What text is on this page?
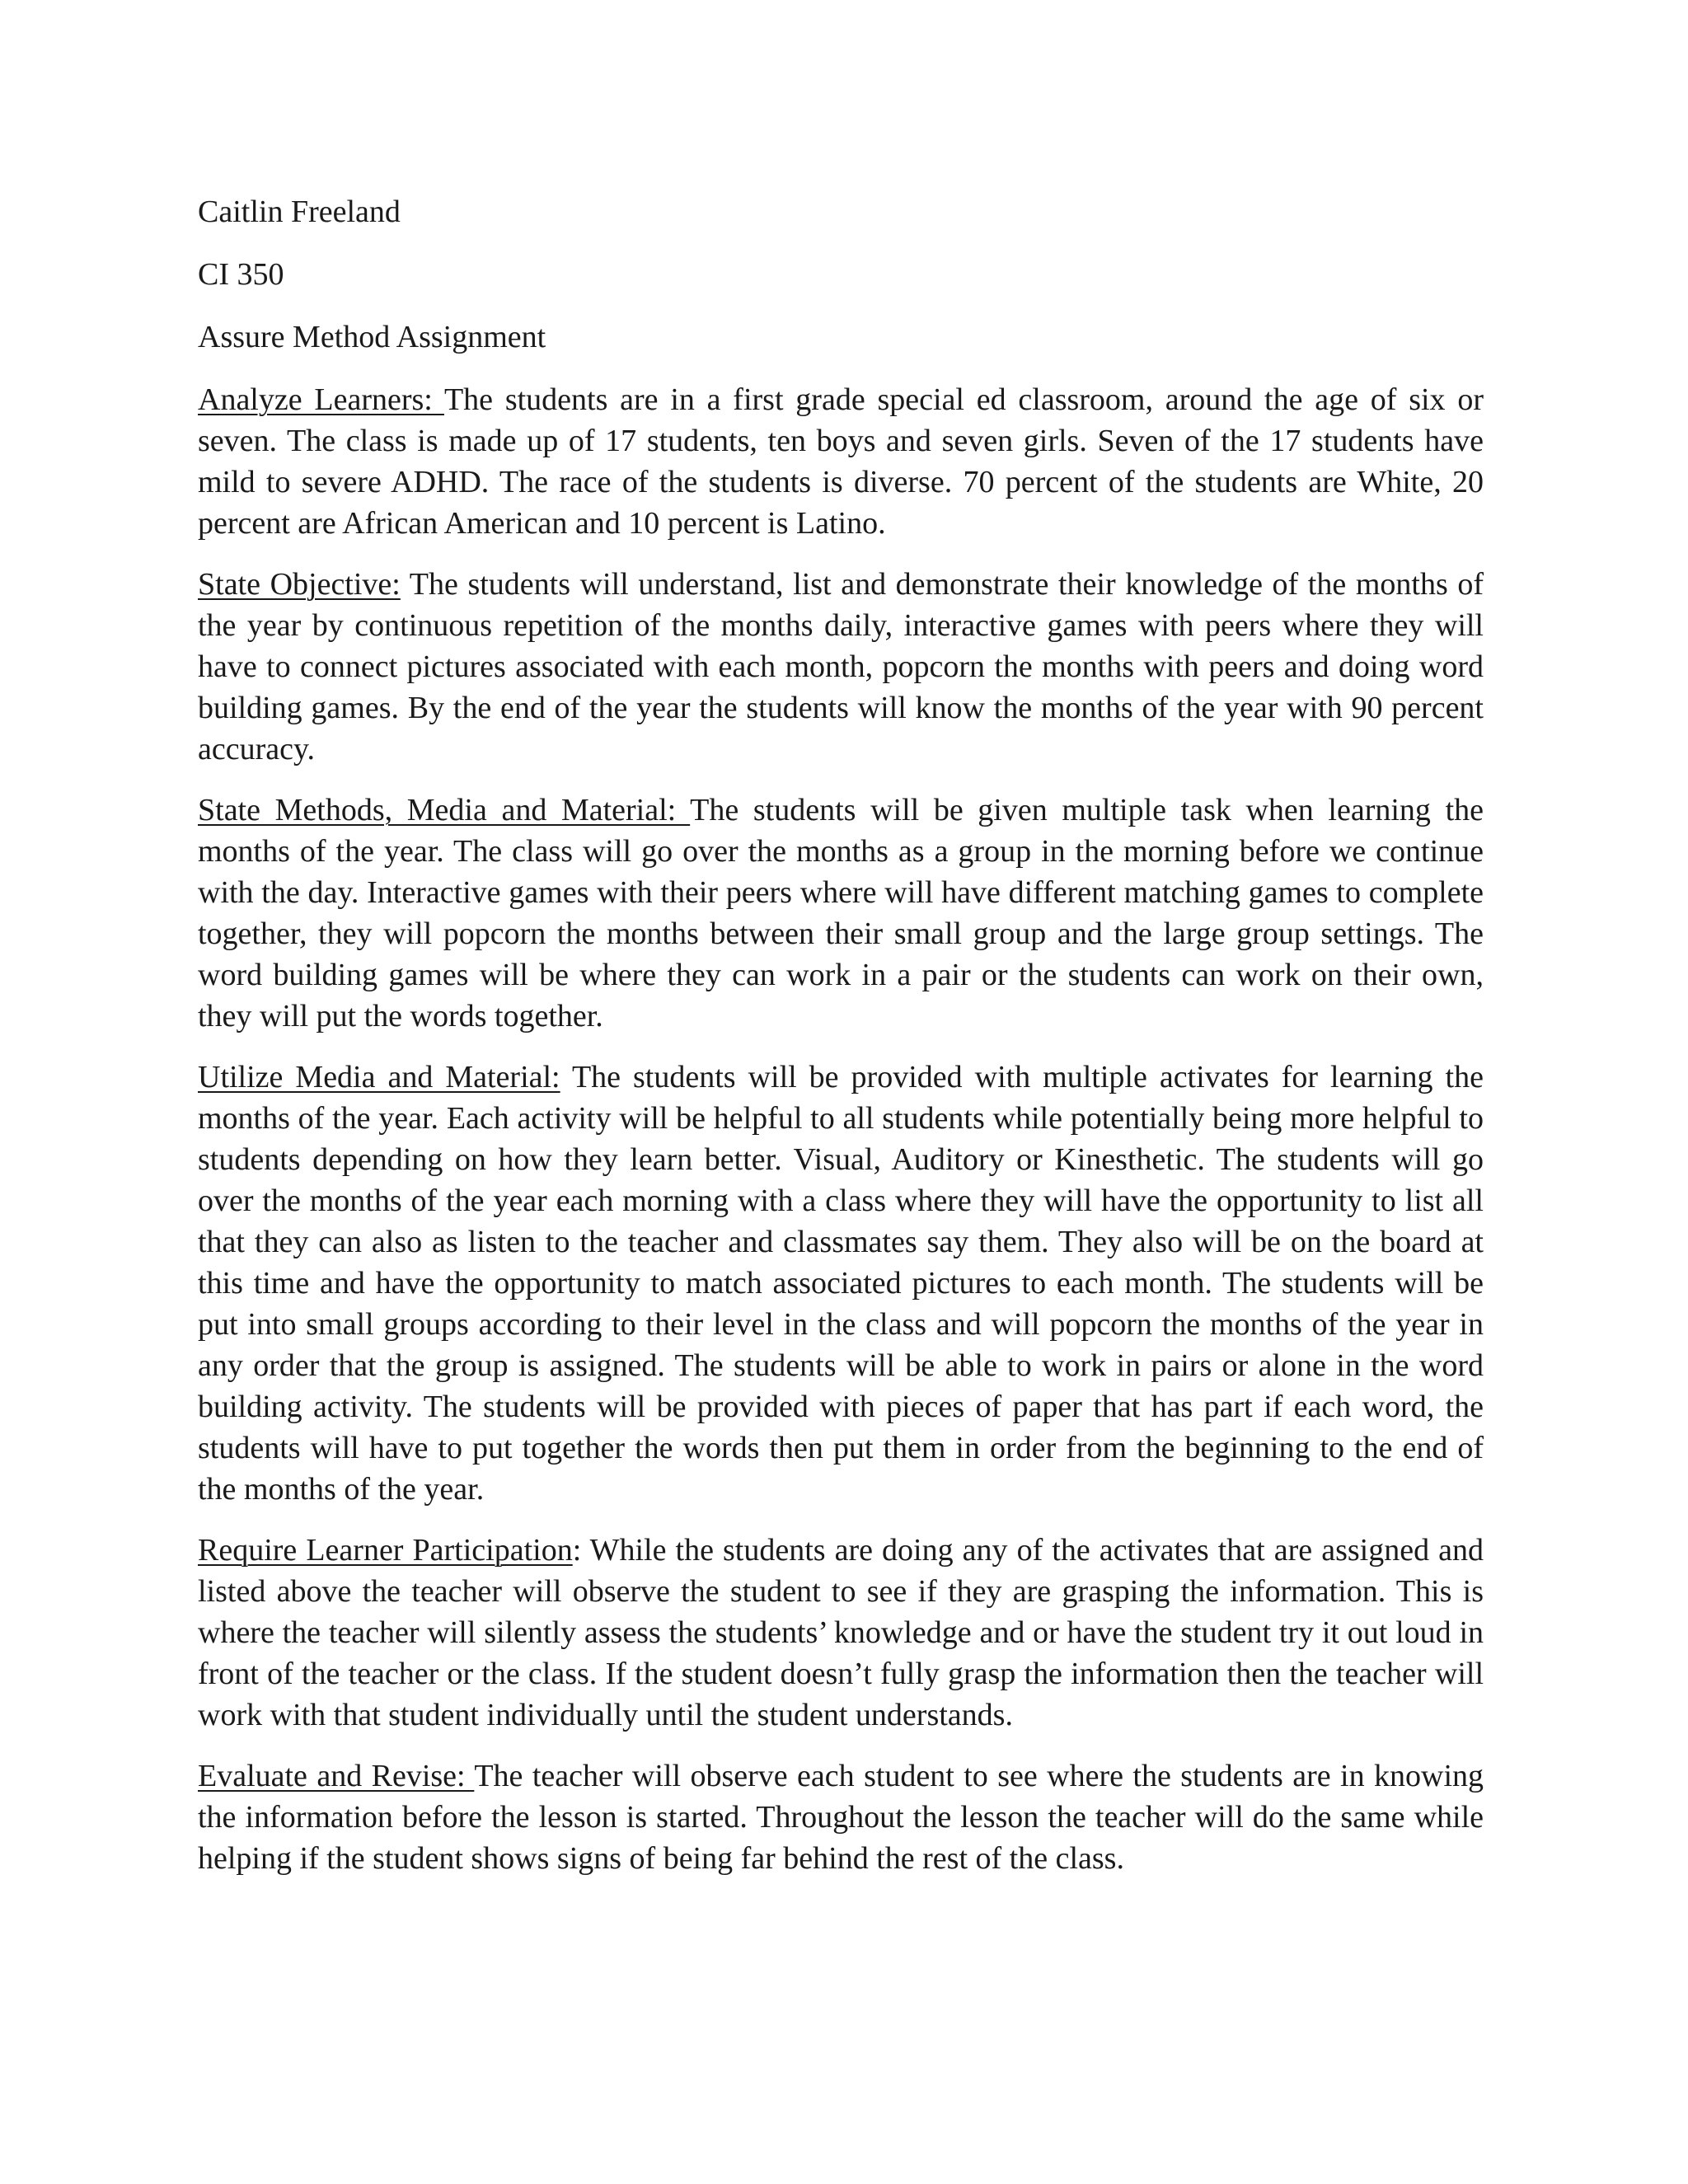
Caitlin Freeland

CI 350

Assure Method Assignment

Analyze Learners: The students are in a first grade special ed classroom, around the age of six or seven. The class is made up of 17 students, ten boys and seven girls. Seven of the 17 students have mild to severe ADHD. The race of the students is diverse. 70 percent of the students are White, 20 percent are African American and 10 percent is Latino.

State Objective: The students will understand, list and demonstrate their knowledge of the months of the year by continuous repetition of the months daily, interactive games with peers where they will have to connect pictures associated with each month, popcorn the months with peers and doing word building games. By the end of the year the students will know the months of the year with 90 percent accuracy.

State Methods, Media and Material: The students will be given multiple task when learning the months of the year. The class will go over the months as a group in the morning before we continue with the day. Interactive games with their peers where will have different matching games to complete together, they will popcorn the months between their small group and the large group settings. The word building games will be where they can work in a pair or the students can work on their own, they will put the words together.

Utilize Media and Material: The students will be provided with multiple activates for learning the months of the year. Each activity will be helpful to all students while potentially being more helpful to students depending on how they learn better. Visual, Auditory or Kinesthetic. The students will go over the months of the year each morning with a class where they will have the opportunity to list all that they can also as listen to the teacher and classmates say them. They also will be on the board at this time and have the opportunity to match associated pictures to each month. The students will be put into small groups according to their level in the class and will popcorn the months of the year in any order that the group is assigned. The students will be able to work in pairs or alone in the word building activity. The students will be provided with pieces of paper that has part if each word, the students will have to put together the words then put them in order from the beginning to the end of the months of the year.

Require Learner Participation: While the students are doing any of the activates that are assigned and listed above the teacher will observe the student to see if they are grasping the information. This is where the teacher will silently assess the students’ knowledge and or have the student try it out loud in front of the teacher or the class. If the student doesn’t fully grasp the information then the teacher will work with that student individually until the student understands.

Evaluate and Revise: The teacher will observe each student to see where the students are in knowing the information before the lesson is started. Throughout the lesson the teacher will do the same while helping if the student shows signs of being far behind the rest of the class.
